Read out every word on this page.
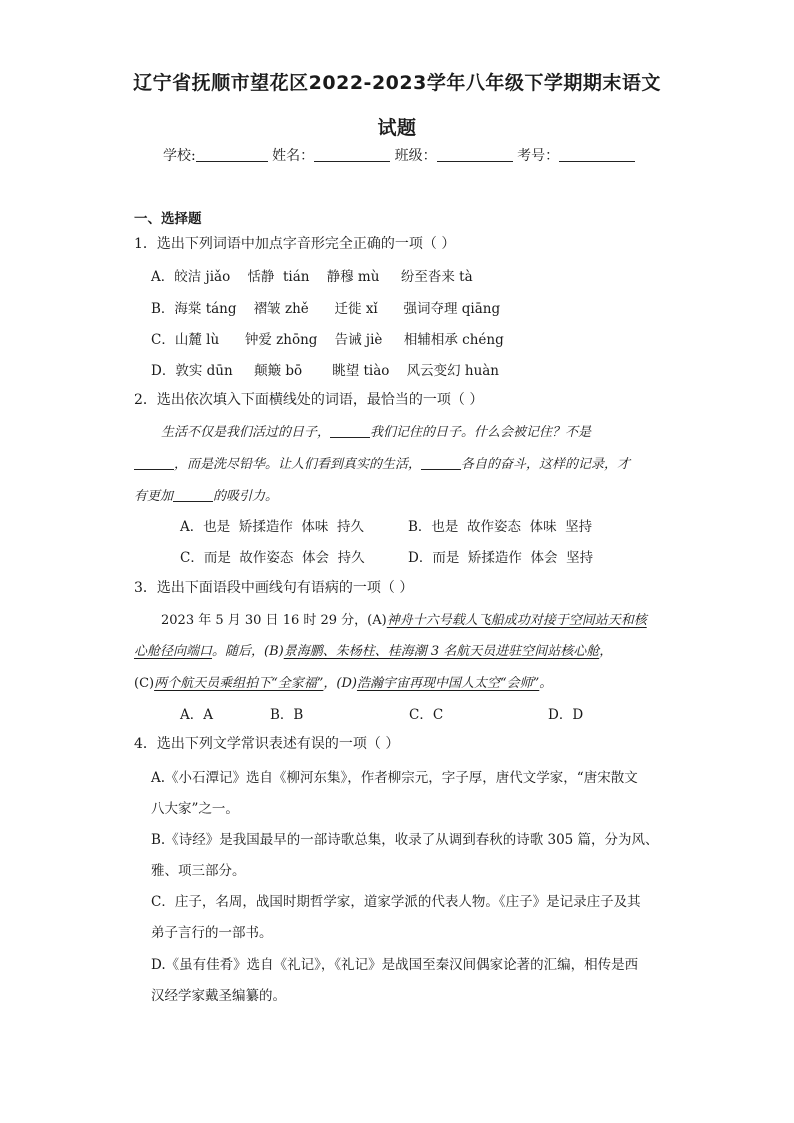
辽宁省抚顺市望花区2022-2023学年八年级下学期期末语文
试题
学校:	姓名：	班级：	考号：
一、选择题
1．选出下列词语中加点字音形完全正确的一项（ ）
A．皎洁 jiǎo    恬静  tián    静穆 mù     纷至沓来 tà
B．海棠 táng    褶皱 zhě      迁徙 xǐ      强词夺理 qiāng
C．山麓 lù      钟爱 zhōng    告诫 jiè     相辅相承 chéng
D．敦实 dūn     颠簸 bō       眺望 tiào    风云变幻 huàn
2．选出依次填入下面横线处的词语，最恰当的一项（ ）
生活不仅是我们活过的日子，	我们记住的日子。什么会被记住？不是
，而是洗尽铅华。让人们看到真实的生活，	各自的奋斗，这样的记录，才
有更加	的吸引力。
A．也是  矫揉造作  体味  持久	B．也是  故作姿态  体味  坚持
C．而是  故作姿态  体会  持久	D．而是  矫揉造作  体会  坚持
3．选出下面语段中画线句有语病的一项（ ）
2023 年 5 月 30 日 16 时 29 分，(A)神舟十六号载人飞船成功对接于空间站天和核
心舱径向端口。随后，(B)景海鹏、朱杨柱、桂海潮 3 名航天员进驻空间站核心舱，
(C)两个航天员乘组拍下“全家福”，(D)浩瀚宇宙再现中国人太空“会师”。
A．A	B．B	C．C	D．D
4．选出下列文学常识表述有误的一项（ ）
A.《小石潭记》选自《柳河东集》，作者柳宗元，字子厚，唐代文学家，“唐宋散文
八大家”之一。
B.《诗经》是我国最早的一部诗歌总集，收录了从调到春秋的诗歌 305 篇，分为风、
雅、项三部分。
C．庄子，名周，战国时期哲学家，道家学派的代表人物。《庄子》是记录庄子及其
弟子言行的一部书。
D.《虽有佳肴》选自《礼记》，《礼记》是战国至秦汉间偶家论著的汇编，相传是西
汉经学家戴圣编纂的。
